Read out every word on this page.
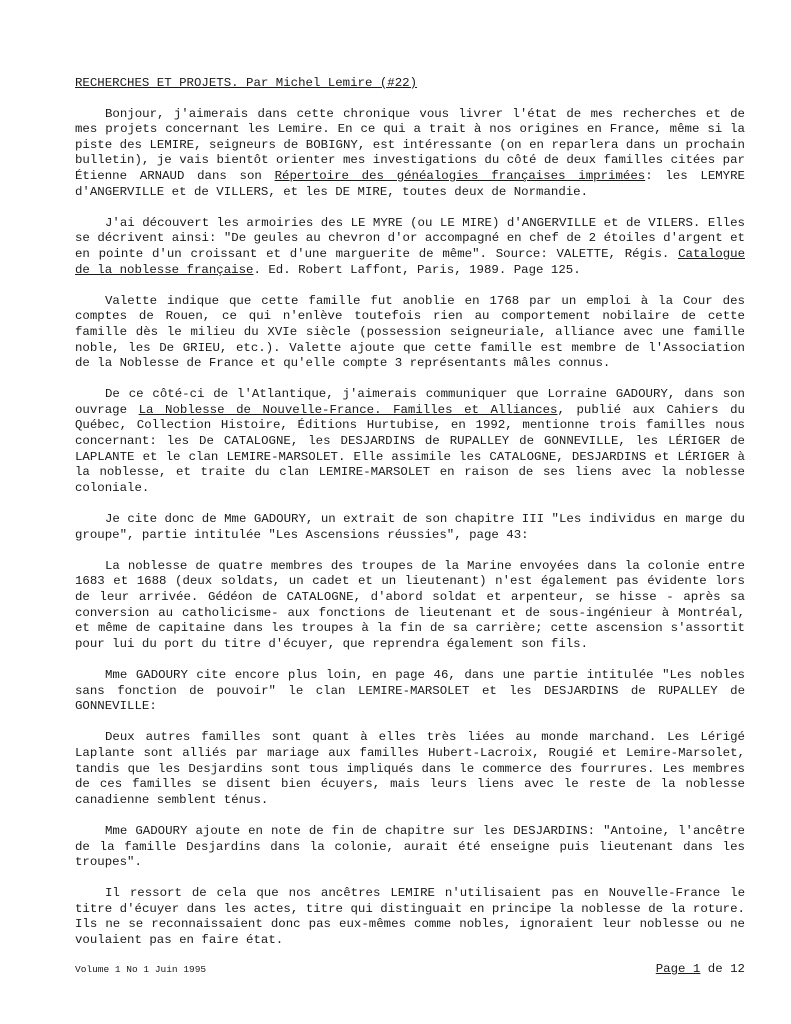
RECHERCHES ET PROJETS. Par Michel Lemire (#22)

Bonjour, j'aimerais dans cette chronique vous livrer l'état de mes recherches et de mes projets concernant les Lemire. En ce qui a trait à nos origines en France, même si la piste des LEMIRE, seigneurs de BOBIGNY, est intéressante (on en reparlera dans un prochain bulletin), je vais bientôt orienter mes investigations du côté de deux familles citées par Étienne ARNAUD dans son Répertoire des généalogies françaises imprimées: les LEMYRE d'ANGERVILLE et de VILLERS, et les DE MIRE, toutes deux de Normandie.

J'ai découvert les armoiries des LE MYRE (ou LE MIRE) d'ANGERVILLE et de VILERS. Elles se décrivent ainsi: "De geules au chevron d'or accompagné en chef de 2 étoiles d'argent et en pointe d'un croissant et d'une marguerite de même". Source: VALETTE, Régis. Catalogue de la noblesse française. Ed. Robert Laffont, Paris, 1989. Page 125.

Valette indique que cette famille fut anoblie en 1768 par un emploi à la Cour des comptes de Rouen, ce qui n'enlève toutefois rien au comportement nobilaire de cette famille dès le milieu du XVIe siècle (possession seigneuriale, alliance avec une famille noble, les De GRIEU, etc.). Valette ajoute que cette famille est membre de l'Association de la Noblesse de France et qu'elle compte 3 représentants mâles connus.

De ce côté-ci de l'Atlantique, j'aimerais communiquer que Lorraine GADOURY, dans son ouvrage La Noblesse de Nouvelle-France. Familles et Alliances, publié aux Cahiers du Québec, Collection Histoire, Éditions Hurtubise, en 1992, mentionne trois familles nous concernant: les De CATALOGNE, les DESJARDINS de RUPALLEY de GONNEVILLE, les LÉRIGER de LAPLANTE et le clan LEMIRE-MARSOLET. Elle assimile les CATALOGNE, DESJARDINS et LÉRIGER à la noblesse, et traite du clan LEMIRE-MARSOLET en raison de ses liens avec la noblesse coloniale.

Je cite donc de Mme GADOURY, un extrait de son chapitre III "Les individus en marge du groupe", partie intitulée "Les Ascensions réussies", page 43:

La noblesse de quatre membres des troupes de la Marine envoyées dans la colonie entre 1683 et 1688 (deux soldats, un cadet et un lieutenant) n'est également pas évidente lors de leur arrivée. Gédéon de CATALOGNE, d'abord soldat et arpenteur, se hisse - après sa conversion au catholicisme- aux fonctions de lieutenant et de sous-ingénieur à Montréal, et même de capitaine dans les troupes à la fin de sa carrière; cette ascension s'assortit pour lui du port du titre d'écuyer, que reprendra également son fils.

Mme GADOURY cite encore plus loin, en page 46, dans une partie intitulée "Les nobles sans fonction de pouvoir" le clan LEMIRE-MARSOLET et les DESJARDINS de RUPALLEY de GONNEVILLE:

Deux autres familles sont quant à elles très liées au monde marchand. Les Lérigé Laplante sont alliés par mariage aux familles Hubert-Lacroix, Rougié et Lemire-Marsolet, tandis que les Desjardins sont tous impliqués dans le commerce des fourrures. Les membres de ces familles se disent bien écuyers, mais leurs liens avec le reste de la noblesse canadienne semblent ténus.

Mme GADOURY ajoute en note de fin de chapitre sur les DESJARDINS: "Antoine, l'ancêtre de la famille Desjardins dans la colonie, aurait été enseigne puis lieutenant dans les troupes".

Il ressort de cela que nos ancêtres LEMIRE n'utilisaient pas en Nouvelle-France le titre d'écuyer dans les actes, titre qui distinguait en principe la noblesse de la roture. Ils ne se reconnaissaient donc pas eux-mêmes comme nobles, ignoraient leur noblesse ou ne voulaient pas en faire état.

Volume 1 No 1 Juin 1995	Page 1 de 12
